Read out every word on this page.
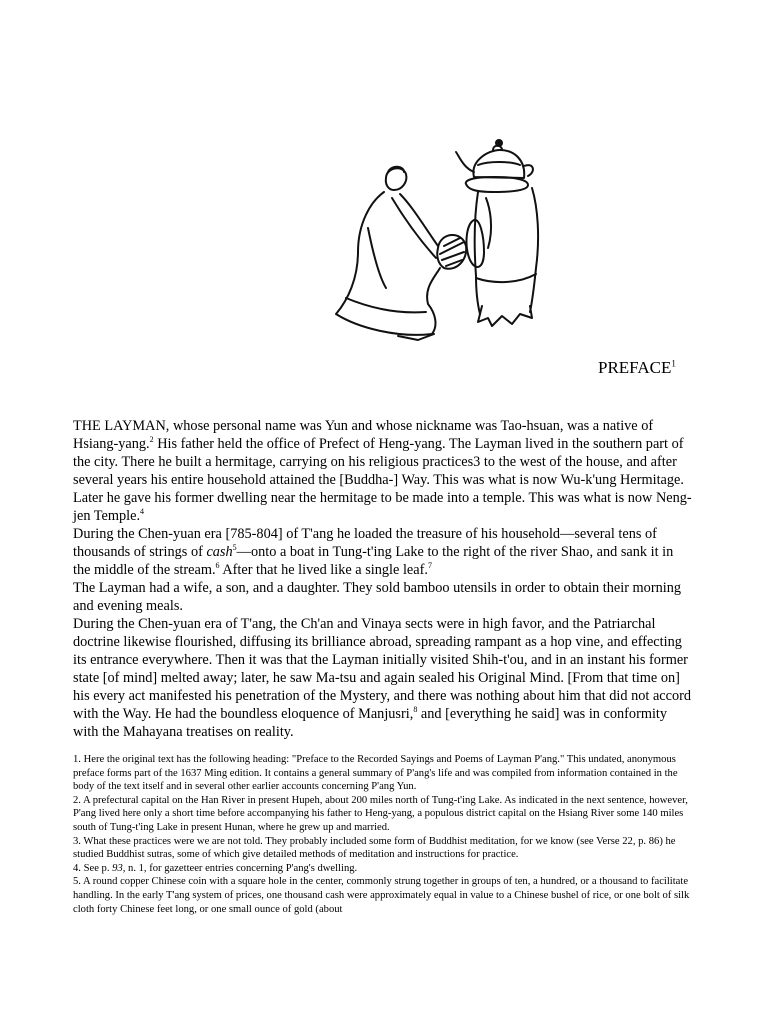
PREFACE$^1$

THE LAYMAN, whose personal name was Yun and whose nickname was Tao-hsuan, was a native of Hsiang-yang.$^2$ His father held the office of Prefect of Heng-yang. The Layman lived in the southern part of the city. There he built a hermitage, carrying on his religious practices3 to the west of the house, and after several years his entire household attained the [Buddha-] Way. This was what is now Wu-k'ung Hermitage. Later he gave his former dwelling near the hermitage to be made into a temple. This was what is now Neng-jen Temple.$^4$

During the Chen-yuan era [785-804] of T'ang he loaded the treasure of his household—several tens of thousands of strings of cash$^5$—onto a boat in Tung-t'ing Lake to the right of the river Shao, and sank it in the middle of the stream.$^6$ After that he lived like a single leaf.$^7$

The Layman had a wife, a son, and a daughter. They sold bamboo utensils in order to obtain their morning and evening meals.

During the Chen-yuan era of T'ang, the Ch'an and Vinaya sects were in high favor, and the Patriarchal doctrine likewise flourished, diffusing its brilliance abroad, spreading rampant as a hop vine, and effecting its entrance everywhere. Then it was that the Layman initially visited Shih-t'ou, and in an instant his former state [of mind] melted away; later, he saw Ma-tsu and again sealed his Original Mind. [From that time on] his every act manifested his penetration of the Mystery, and there was nothing about him that did not accord with the Way. He had the boundless eloquence of Manjusri,$^8$ and [everything he said] was in conformity with the Mahayana treatises on reality.

1. Here the original text has the following heading: "Preface to the Recorded Sayings and Poems of Layman P'ang." This undated, anonymous preface forms part of the 1637 Ming edition. It contains a general summary of P'ang's life and was compiled from information contained in the body of the text itself and in several other earlier accounts concerning P'ang Yun.

2. A prefectural capital on the Han River in present Hupeh, about 200 miles north of Tung-t'ing Lake. As indicated in the next sentence, however, P'ang lived here only a short time before accompanying his father to Heng-yang, a populous district capital on the Hsiang River some 140 miles south of Tung-t'ing Lake in present Hunan, where he grew up and married.

3. What these practices were we are not told. They probably included some form of Buddhist meditation, for we know (see Verse 22, p. 86) he studied Buddhist sutras, some of which give detailed methods of meditation and instructions for practice.

4. See p. 93, n. 1, for gazetteer entries concerning P'ang's dwelling.

5. A round copper Chinese coin with a square hole in the center, commonly strung together in groups of ten, a hundred, or a thousand to facilitate handling. In the early T'ang system of prices, one thousand cash were approximately equal in value to a Chinese bushel of rice, or one bolt of silk cloth forty Chinese feet long, or one small ounce of gold (about
